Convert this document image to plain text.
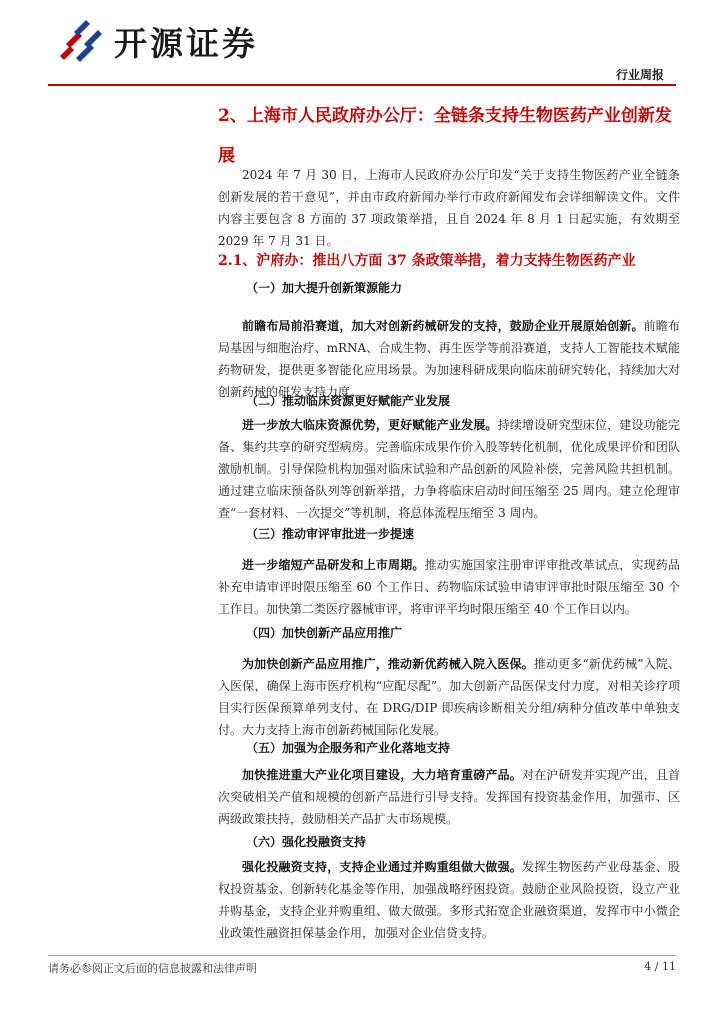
开源证券
行业周报
2、上海市人民政府办公厅：全链条支持生物医药产业创新发展
2024 年 7 月 30 日，上海市人民政府办公厅印发“关于支持生物医药产业全链条创新发展的若干意见”，并由市政府新闻办举行市政府新闻发布会详细解读文件。文件内容主要包含 8 方面的 37 项政策举措，且自 2024 年 8 月 1 日起实施，有效期至 2029 年 7 月 31 日。
2.1、沪府办：推出八方面 37 条政策举措，着力支持生物医药产业
（一）加大提升创新策源能力
前瞻布局前沿赛道，加大对创新药械研发的支持，鼓励企业开展原始创新。前瞻布局基因与细胞治疗、mRNA、合成生物、再生医学等前沿赛道，支持人工智能技术赋能药物研发，提供更多智能化应用场景。为加速科研成果向临床前研究转化，持续加大对创新药械的研发支持力度。
（二）推动临床资源更好赋能产业发展
进一步放大临床资源优势，更好赋能产业发展。持续增设研究型床位，建设功能完备、集约共享的研究型病房。完善临床成果作价入股等转化机制，优化成果评价和团队激励机制。引导保险机构加强对临床试验和产品创新的风险补偿，完善风险共担机制。通过建立临床预备队列等创新举措，力争将临床启动时间压缩至 25 周内。建立伦理审查“一套材料、一次提交”等机制，将总体流程压缩至 3 周内。
（三）推动审评审批进一步提速
进一步缩短产品研发和上市周期。推动实施国家注册审评审批改革试点，实现药品补充申请审评时限压缩至 60 个工作日、药物临床试验申请审评审批时限压缩至 30 个工作日。加快第二类医疗器械审评，将审评平均时限压缩至 40 个工作日以内。
（四）加快创新产品应用推广
为加快创新产品应用推广，推动新优药械入院入医保。推动更多“新优药械”入院、入医保，确保上海市医疗机构“应配尽配”。加大创新产品医保支付力度，对相关诊疗项目实行医保预算单列支付、在 DRG/DIP 即疾病诊断相关分组/病种分值改革中单独支付。大力支持上海市创新药械国际化发展。
（五）加强为企服务和产业化落地支持
加快推进重大产业化项目建设，大力培育重磅产品。对在沪研发并实现产出，且首次突破相关产值和规模的创新产品进行引导支持。发挥国有投资基金作用，加强市、区两级政策扶持，鼓励相关产品扩大市场规模。
（六）强化投融资支持
强化投融资支持，支持企业通过并购重组做大做强。发挥生物医药产业母基金、股权投资基金、创新转化基金等作用，加强战略纾困投资。鼓励企业风险投资，设立产业并购基金，支持企业并购重组、做大做强。多形式拓宽企业融资渠道，发挥市中小微企业政策性融资担保基金作用，加强对企业信贷支持。
请务必参阅正文后面的信息披露和法律声明	4 / 11
